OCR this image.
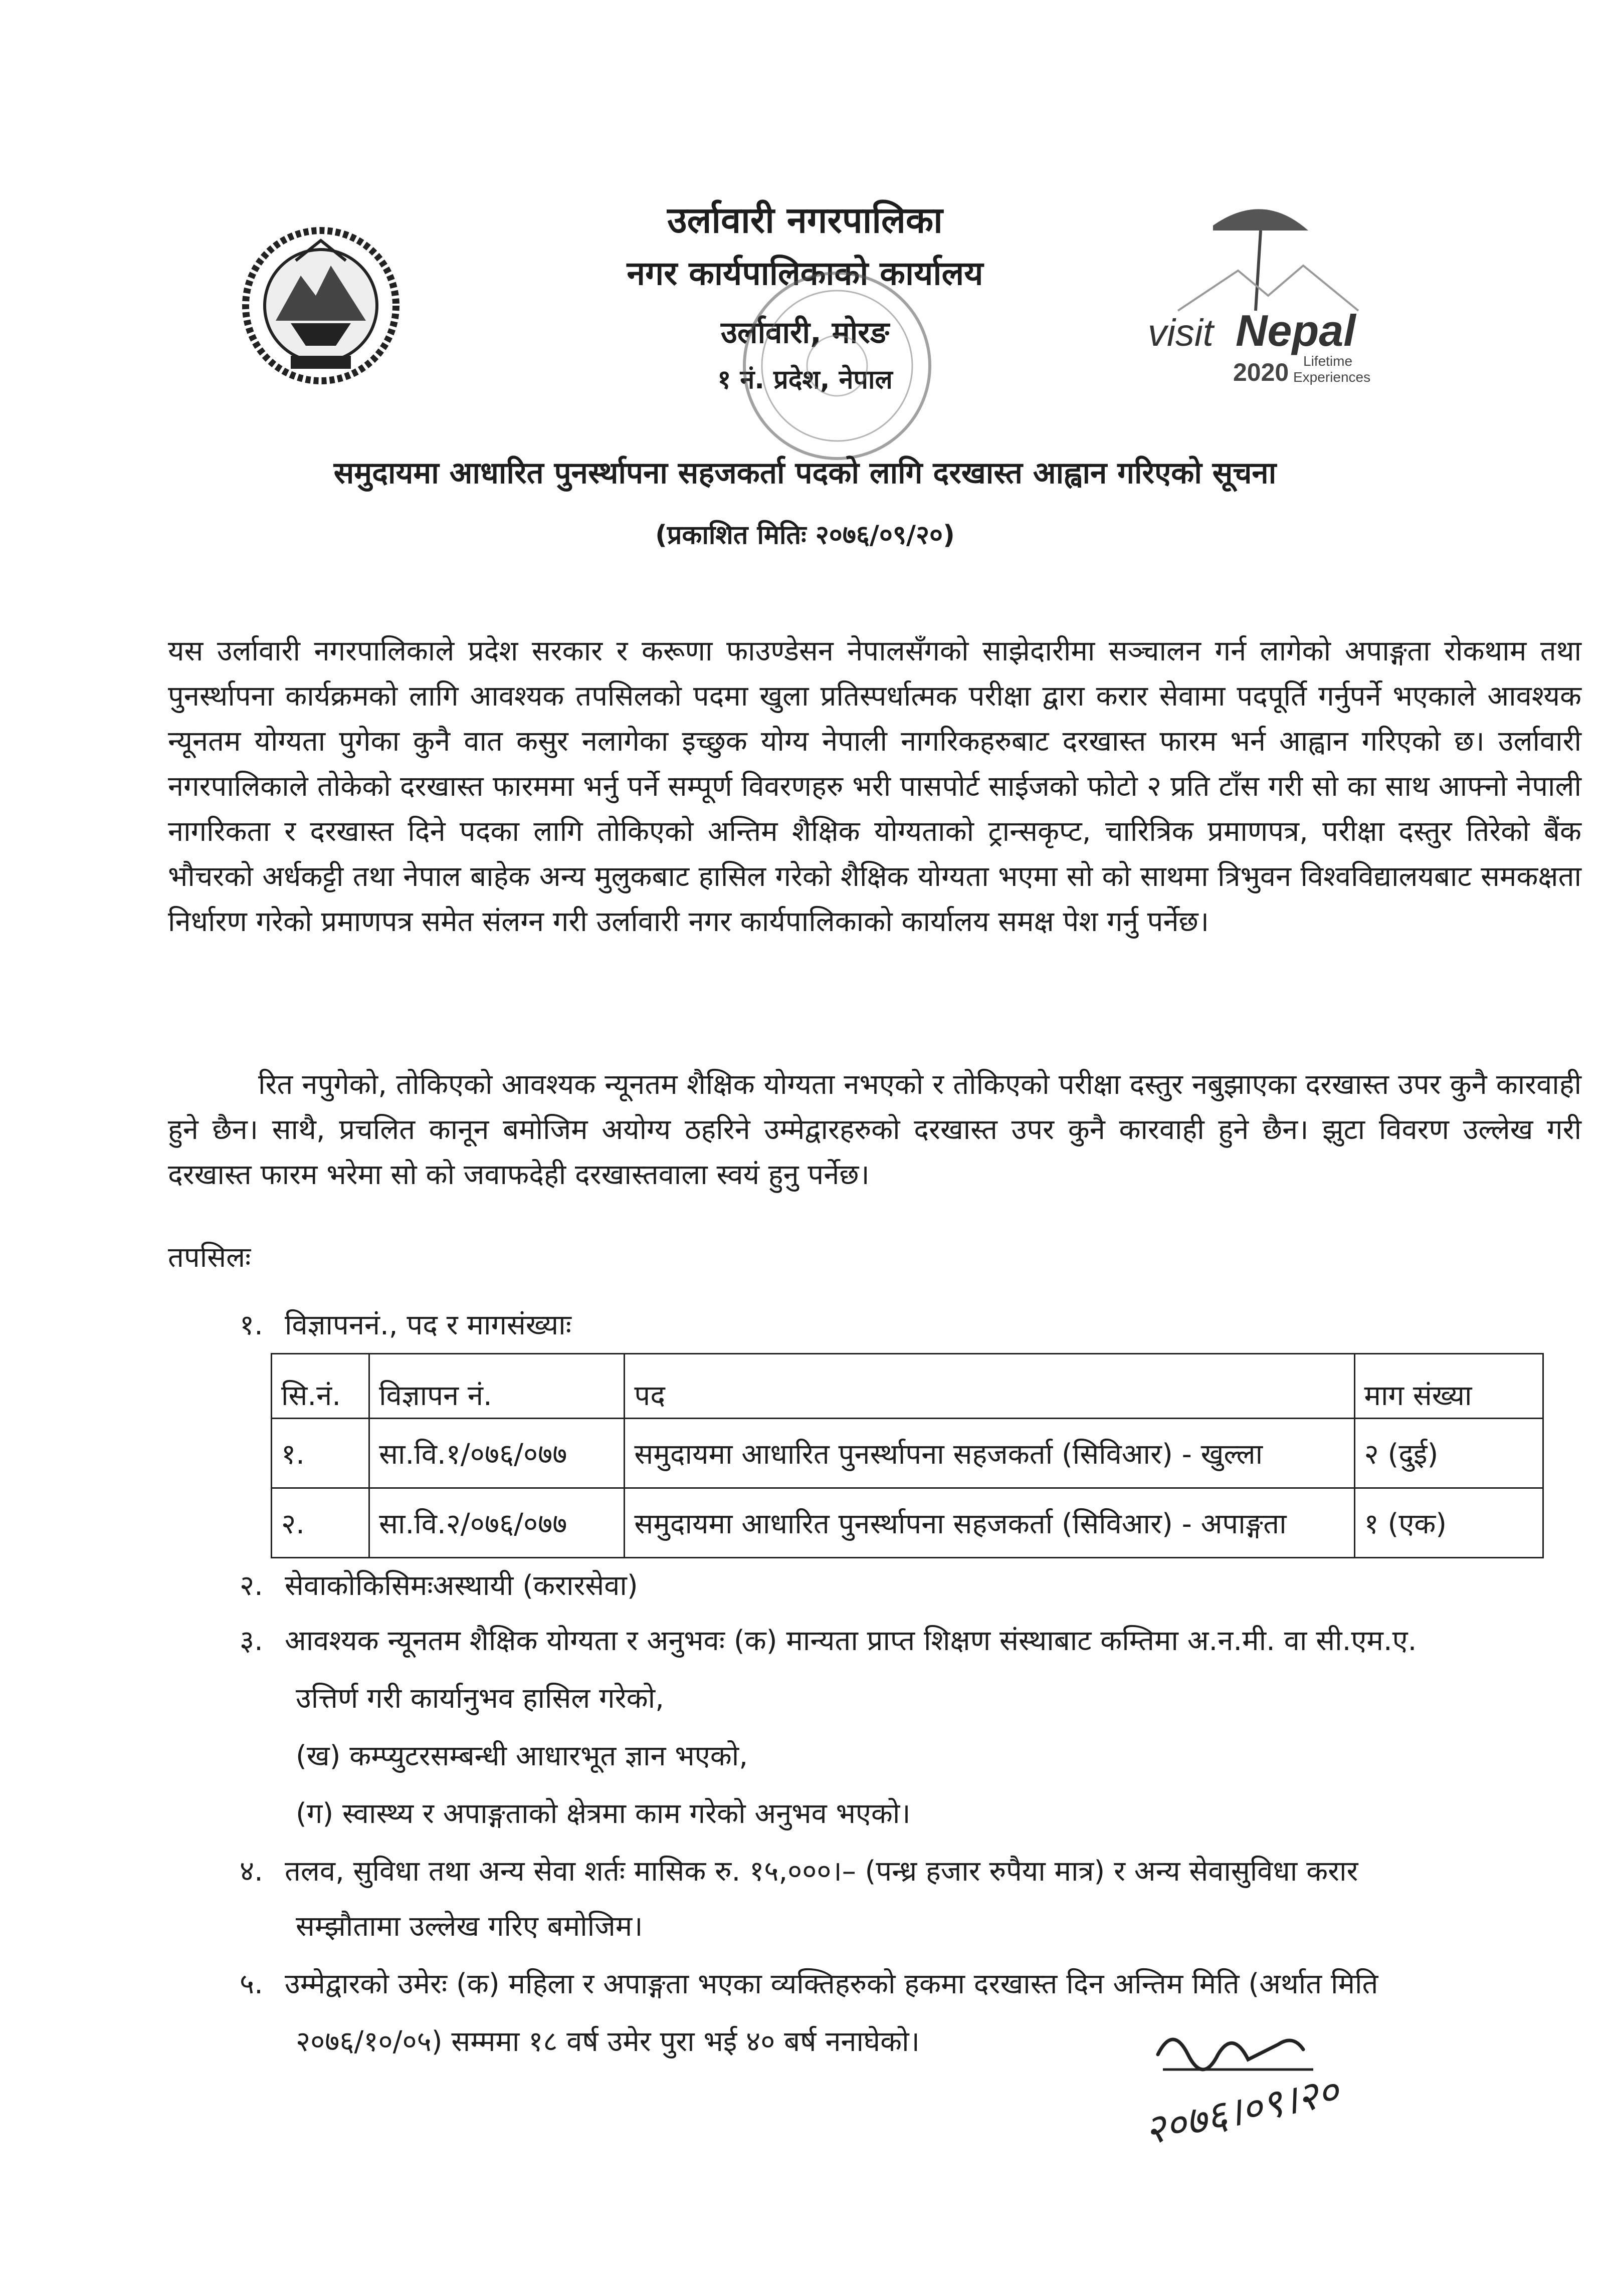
उर्लावारी नगरपालिका
नगर कार्यपालिकाको कार्यालय
उर्लावारी, मोरङ
१ नं. प्रदेश, नेपाल
visit Nepal
2020 Lifetime
Experiences
समुदायमा आधारित पुनर्स्थापना सहजकर्ता पदको लागि दरखास्त आह्वान गरिएको सूचना
(प्रकाशित मितिः २०७६/०९/२०)
यस उर्लावारी नगरपालिकाले प्रदेश सरकार र करूणा फाउण्डेसन नेपालसँगको साझेदारीमा सञ्चालन गर्न लागेको अपाङ्गता रोकथाम तथा पुनर्स्थापना कार्यक्रमको लागि आवश्यक तपसिलको पदमा खुला प्रतिस्पर्धात्मक परीक्षा द्वारा करार सेवामा पदपूर्ति गर्नुपर्ने भएकाले आवश्यक न्यूनतम योग्यता पुगेका कुनै वात कसुर नलागेका इच्छुक योग्य नेपाली नागरिकहरुबाट दरखास्त फारम भर्न आह्वान गरिएको छ। उर्लावारी नगरपालिकाले तोकेको दरखास्त फारममा भर्नु पर्ने सम्पूर्ण विवरणहरु भरी पासपोर्ट साईजको फोटो २ प्रति टाँस गरी सो का साथ आफ्नो नेपाली नागरिकता र दरखास्त दिने पदका लागि तोकिएको अन्तिम शैक्षिक योग्यताको ट्रान्सकृप्ट, चारित्रिक प्रमाणपत्र, परीक्षा दस्तुर तिरेको बैंक भौचरको अर्धकट्टी तथा नेपाल बाहेक अन्य मुलुकबाट हासिल गरेको शैक्षिक योग्यता भएमा सो को साथमा त्रिभुवन विश्वविद्यालयबाट समकक्षता निर्धारण गरेको प्रमाणपत्र समेत संलग्न गरी उर्लावारी नगर कार्यपालिकाको कार्यालय समक्ष पेश गर्नु पर्नेछ।
रित नपुगेको, तोकिएको आवश्यक न्यूनतम शैक्षिक योग्यता नभएको र तोकिएको परीक्षा दस्तुर नबुझाएका दरखास्त उपर कुनै कारवाही हुने छैन। साथै, प्रचलित कानून बमोजिम अयोग्य ठहरिने उम्मेद्वारहरुको दरखास्त उपर कुनै कारवाही हुने छैन। झुटा विवरण उल्लेख गरी दरखास्त फारम भरेमा सो को जवाफदेही दरखास्तवाला स्वयं हुनु पर्नेछ।
तपसिलः
१. विज्ञापननं., पद र मागसंख्याः
सि.नं.	विज्ञापन नं.	पद	माग संख्या
१.	सा.वि.१/०७६/०७७	समुदायमा आधारित पुनर्स्थापना सहजकर्ता (सिविआर) - खुल्ला	२ (दुई)
२.	सा.वि.२/०७६/०७७	समुदायमा आधारित पुनर्स्थापना सहजकर्ता (सिविआर) - अपाङ्गता	१ (एक)
२. सेवाकोकिसिमःअस्थायी (करारसेवा)
३. आवश्यक न्यूनतम शैक्षिक योग्यता र अनुभवः (क) मान्यता प्राप्त शिक्षण संस्थाबाट कम्तिमा अ.न.मी. वा सी.एम.ए.
उत्तिर्ण गरी कार्यानुभव हासिल गरेको,
(ख) कम्प्युटरसम्बन्धी आधारभूत ज्ञान भएको,
(ग) स्वास्थ्य र अपाङ्गताको क्षेत्रमा काम गरेको अनुभव भएको।
४. तलव, सुविधा तथा अन्य सेवा शर्तः मासिक रु. १५,०००।– (पन्ध्र हजार रुपैया मात्र) र अन्य सेवासुविधा करार
सम्झौतामा उल्लेख गरिए बमोजिम।
५. उम्मेद्वारको उमेरः (क) महिला र अपाङ्गता भएका व्यक्तिहरुको हकमा दरखास्त दिन अन्तिम मिति (अर्थात मिति
२०७६/१०/०५) सम्ममा १८ वर्ष उमेर पुरा भई ४० बर्ष ननाघेको।
२०७६।०९।२०
